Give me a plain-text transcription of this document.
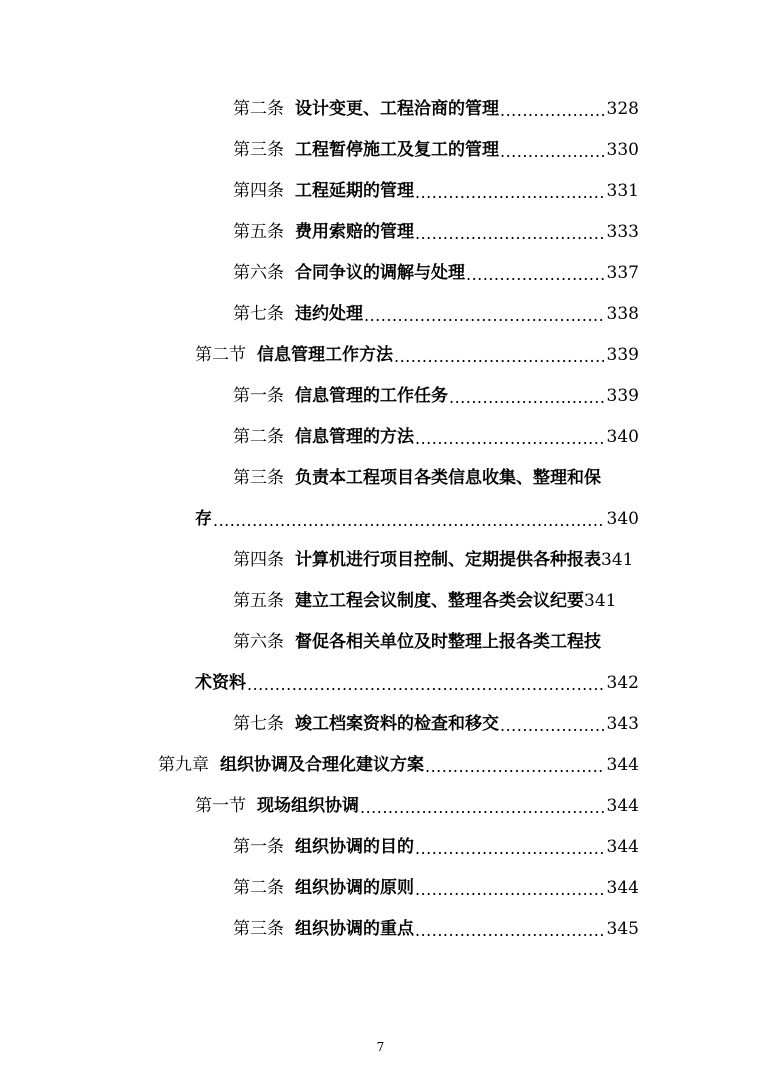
第二条 设计变更、工程洽商的管理 .....	328
第三条 工程暂停施工及复工的管理 .....	330
第四条 工程延期的管理 .....	331
第五条 费用索赔的管理 .....	333
第六条 合同争议的调解与处理 .....	337
第七条 违约处理 .....	338
第二节 信息管理工作方法 .....	339
第一条 信息管理的工作任务 .....	339
第二条 信息管理的方法 .....	340
第三条 负责本工程项目各类信息收集、整理和保
存 .....	340
第四条 计算机进行项目控制、定期提供各种报表 341
第五条 建立工程会议制度、整理各类会议纪要 341
第六条 督促各相关单位及时整理上报各类工程技
术资料 .....	342
第七条 竣工档案资料的检查和移交 .....	343
第九章 组织协调及合理化建议方案 .....	344
第一节 现场组织协调 .....	344
第一条 组织协调的目的 .....	344
第二条 组织协调的原则 .....	344
第三条 组织协调的重点 .....	345
7
